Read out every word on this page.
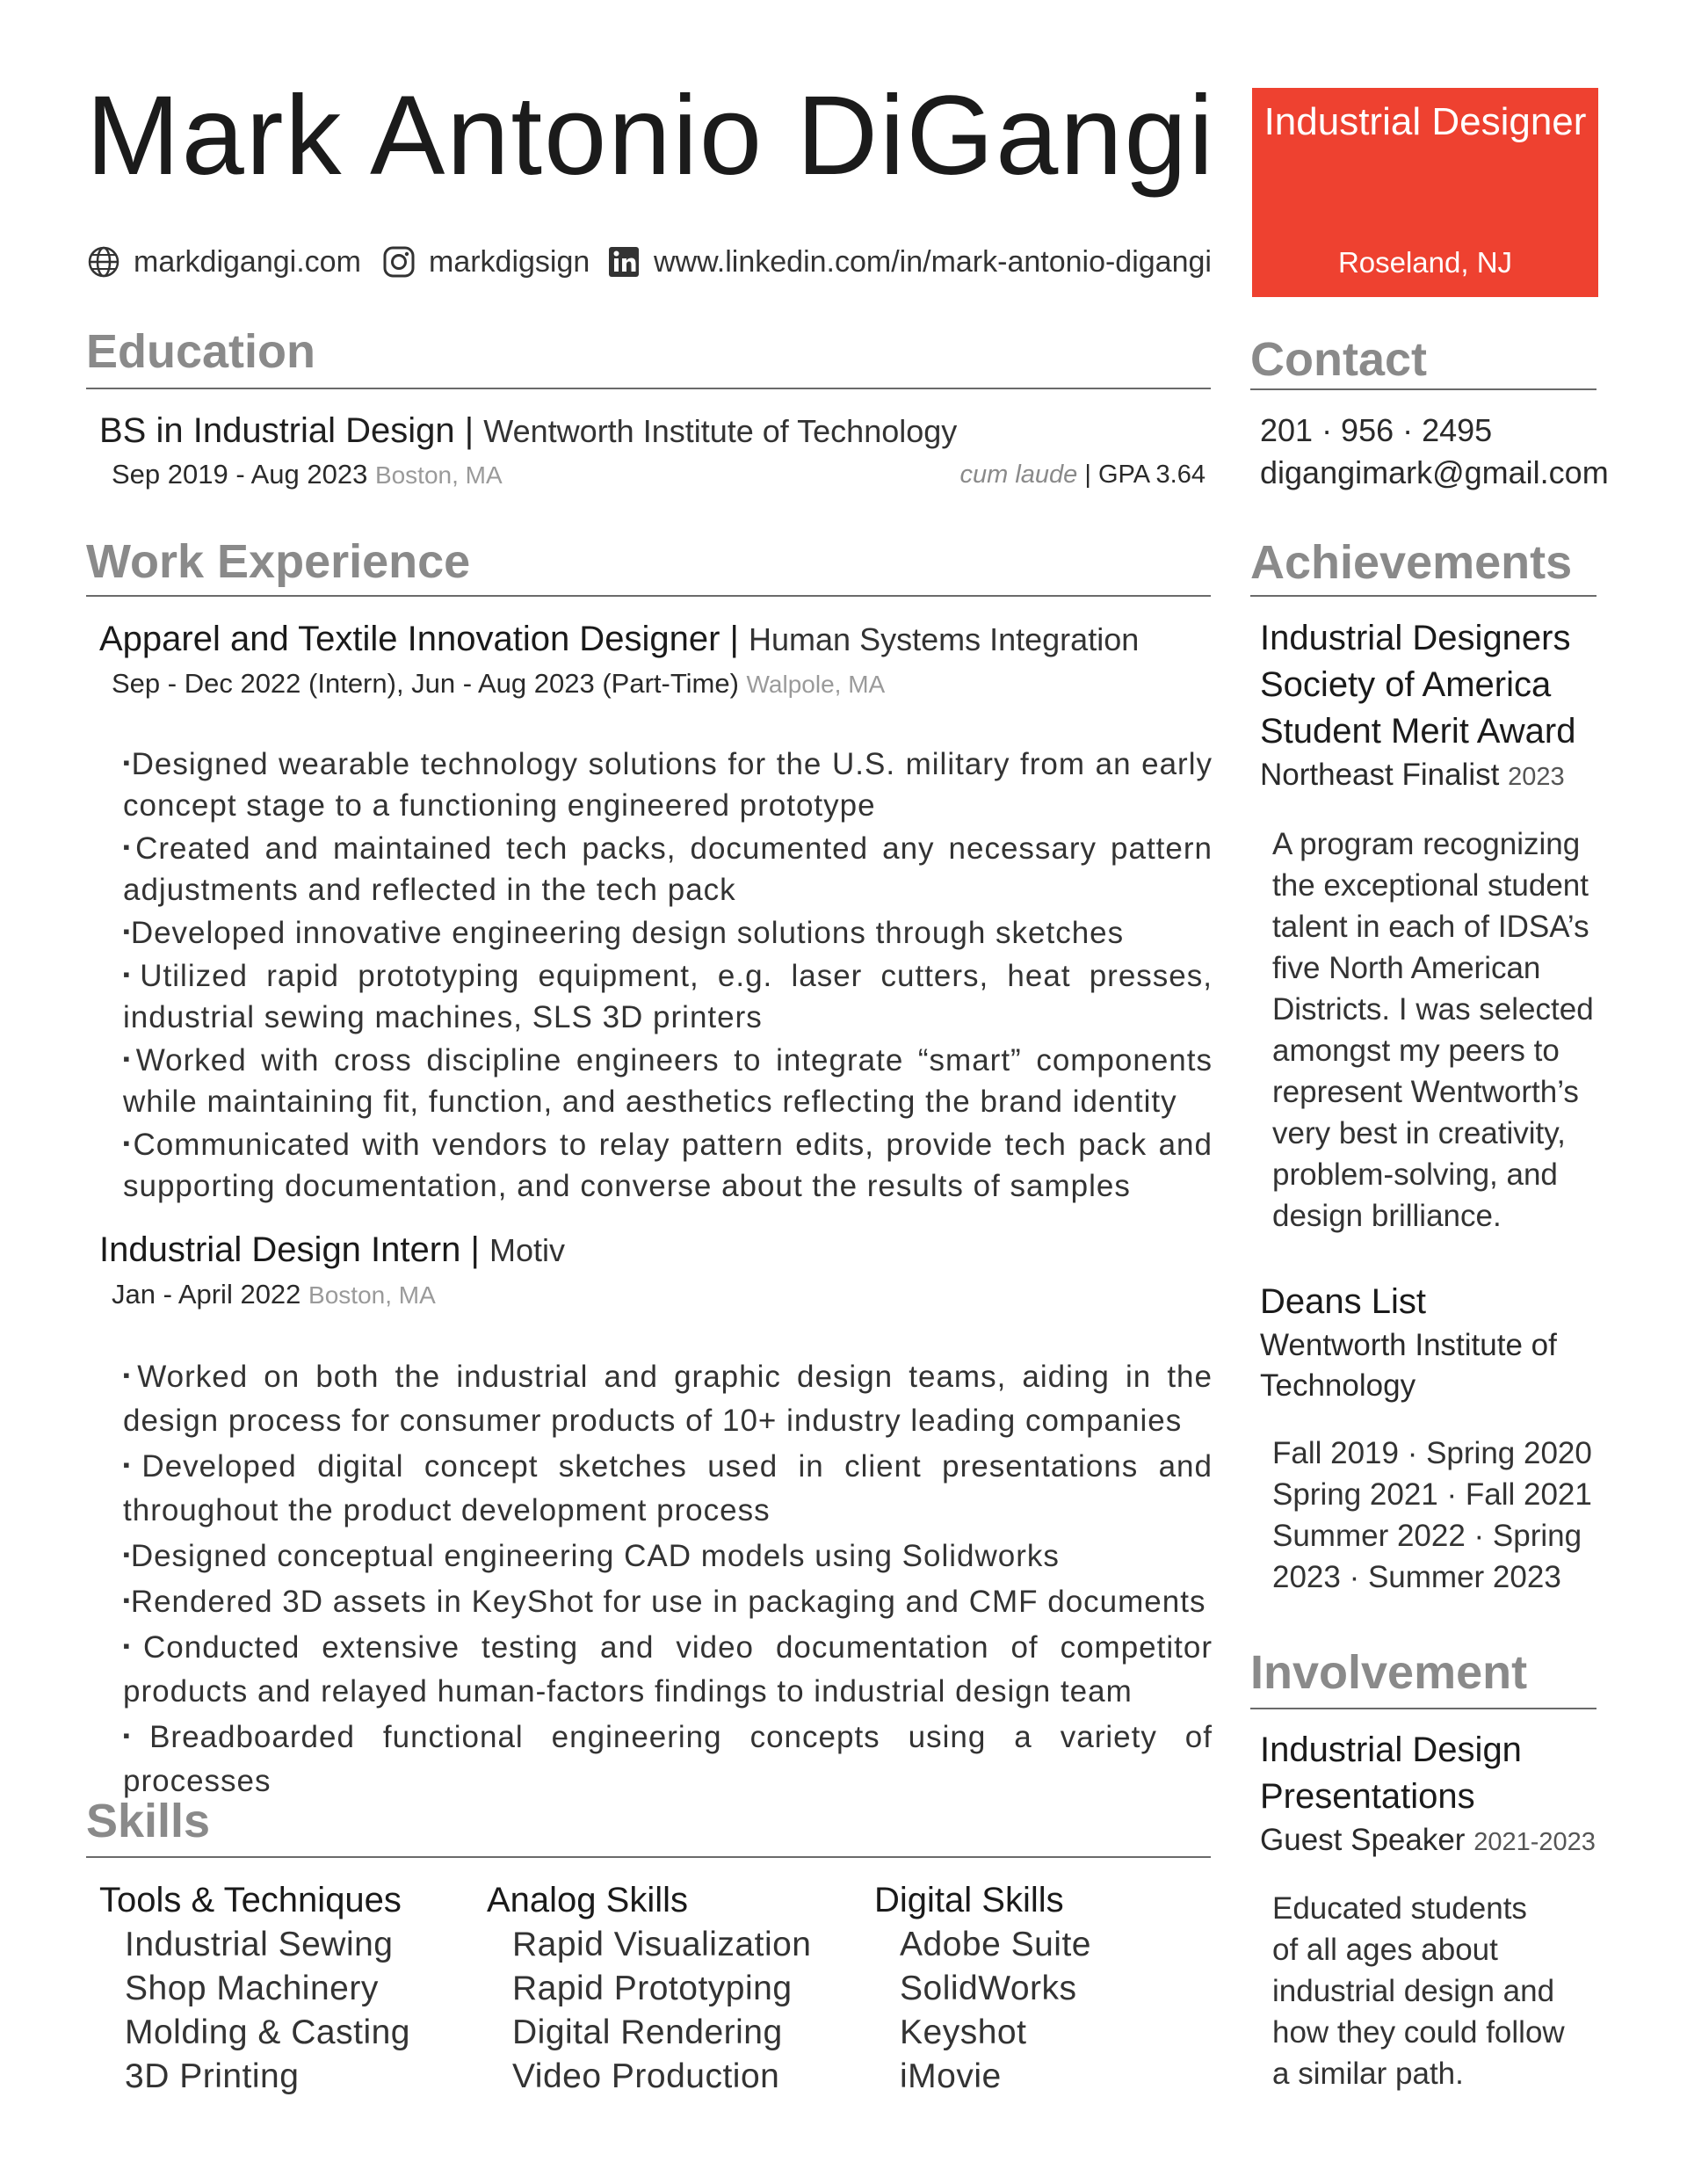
Mark Antonio DiGangi
markdigangi.com markdigsign www.linkedin.com/in/mark-antonio-digangi
Industrial Designer
Roseland, NJ
Education
BS in Industrial Design | Wentworth Institute of Technology
Sep 2019 - Aug 2023 Boston, MA	cum laude | GPA 3.64
Work Experience
Apparel and Textile Innovation Designer | Human Systems Integration
Sep - Dec 2022 (Intern), Jun - Aug 2023 (Part-Time) Walpole, MA
▪ Designed wearable technology solutions for the U.S. military from an early concept stage to a functioning engineered prototype
▪ Created and maintained tech packs, documented any necessary pattern adjustments and reflected in the tech pack
▪ Developed innovative engineering design solutions through sketches
▪ Utilized rapid prototyping equipment, e.g. laser cutters, heat presses, industrial sewing machines, SLS 3D printers
▪ Worked with cross discipline engineers to integrate “smart” components while maintaining fit, function, and aesthetics reflecting the brand identity
▪ Communicated with vendors to relay pattern edits, provide tech pack and supporting documentation, and converse about the results of samples
Industrial Design Intern | Motiv
Jan - April 2022 Boston, MA
▪ Worked on both the industrial and graphic design teams, aiding in the design process for consumer products of 10+ industry leading companies
▪ Developed digital concept sketches used in client presentations and throughout the product development process
▪ Designed conceptual engineering CAD models using Solidworks
▪ Rendered 3D assets in KeyShot for use in packaging and CMF documents
▪ Conducted extensive testing and video documentation of competitor products and relayed human-factors findings to industrial design team
▪ Breadboarded functional engineering concepts using a variety of processes
Skills
Tools & Techniques
Industrial Sewing
Shop Machinery
Molding & Casting
3D Printing
Analog Skills
Rapid Visualization
Rapid Prototyping
Digital Rendering
Video Production
Digital Skills
Adobe Suite
SolidWorks
Keyshot
iMovie
Contact
201 · 956 · 2495
digangimark@gmail.com
Achievements
Industrial Designers
Society of America
Student Merit Award
Northeast Finalist 2023
A program recognizing
the exceptional student
talent in each of IDSA’s
five North American
Districts. I was selected
amongst my peers to
represent Wentworth’s
very best in creativity,
problem-solving, and
design brilliance.
Deans List
Wentworth Institute of
Technology
Fall 2019 · Spring 2020
Spring 2021 · Fall 2021
Summer 2022 · Spring
2023 · Summer 2023
Involvement
Industrial Design
Presentations
Guest Speaker 2021-2023
Educated students
of all ages about
industrial design and
how they could follow
a similar path.
